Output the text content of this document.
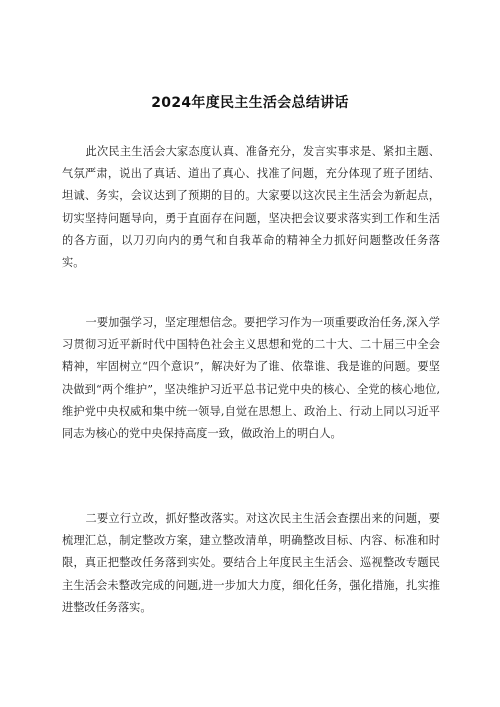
2024年度民主生活会总结讲话

此次民主生活会大家态度认真、准备充分，发言实事求是、紧扣主题、气氛严肃，说出了真话、道出了真心、找准了问题，充分体现了班子团结、坦诚、务实，会议达到了预期的目的。大家要以这次民主生活会为新起点，切实坚持问题导向，勇于直面存在问题，坚决把会议要求落实到工作和生活的各方面，以刀刃向内的勇气和自我革命的精神全力抓好问题整改任务落实。

一要加强学习，坚定理想信念。要把学习作为一项重要政治任务,深入学习贯彻习近平新时代中国特色社会主义思想和党的二十大、二十届三中全会精神，牢固树立“四个意识”，解决好为了谁、依靠谁、我是谁的问题。要坚决做到“两个维护”，坚决维护习近平总书记党中央的核心、全党的核心地位,维护党中央权威和集中统一领导,自觉在思想上、政治上、行动上同以习近平同志为核心的党中央保持高度一致，做政治上的明白人。

二要立行立改，抓好整改落实。对这次民主生活会查摆出来的问题，要梳理汇总，制定整改方案，建立整改清单，明确整改目标、内容、标准和时限，真正把整改任务落到实处。要结合上年度民主生活会、巡视整改专题民主生活会未整改完成的问题,进一步加大力度，细化任务，强化措施，扎实推进整改任务落实。
